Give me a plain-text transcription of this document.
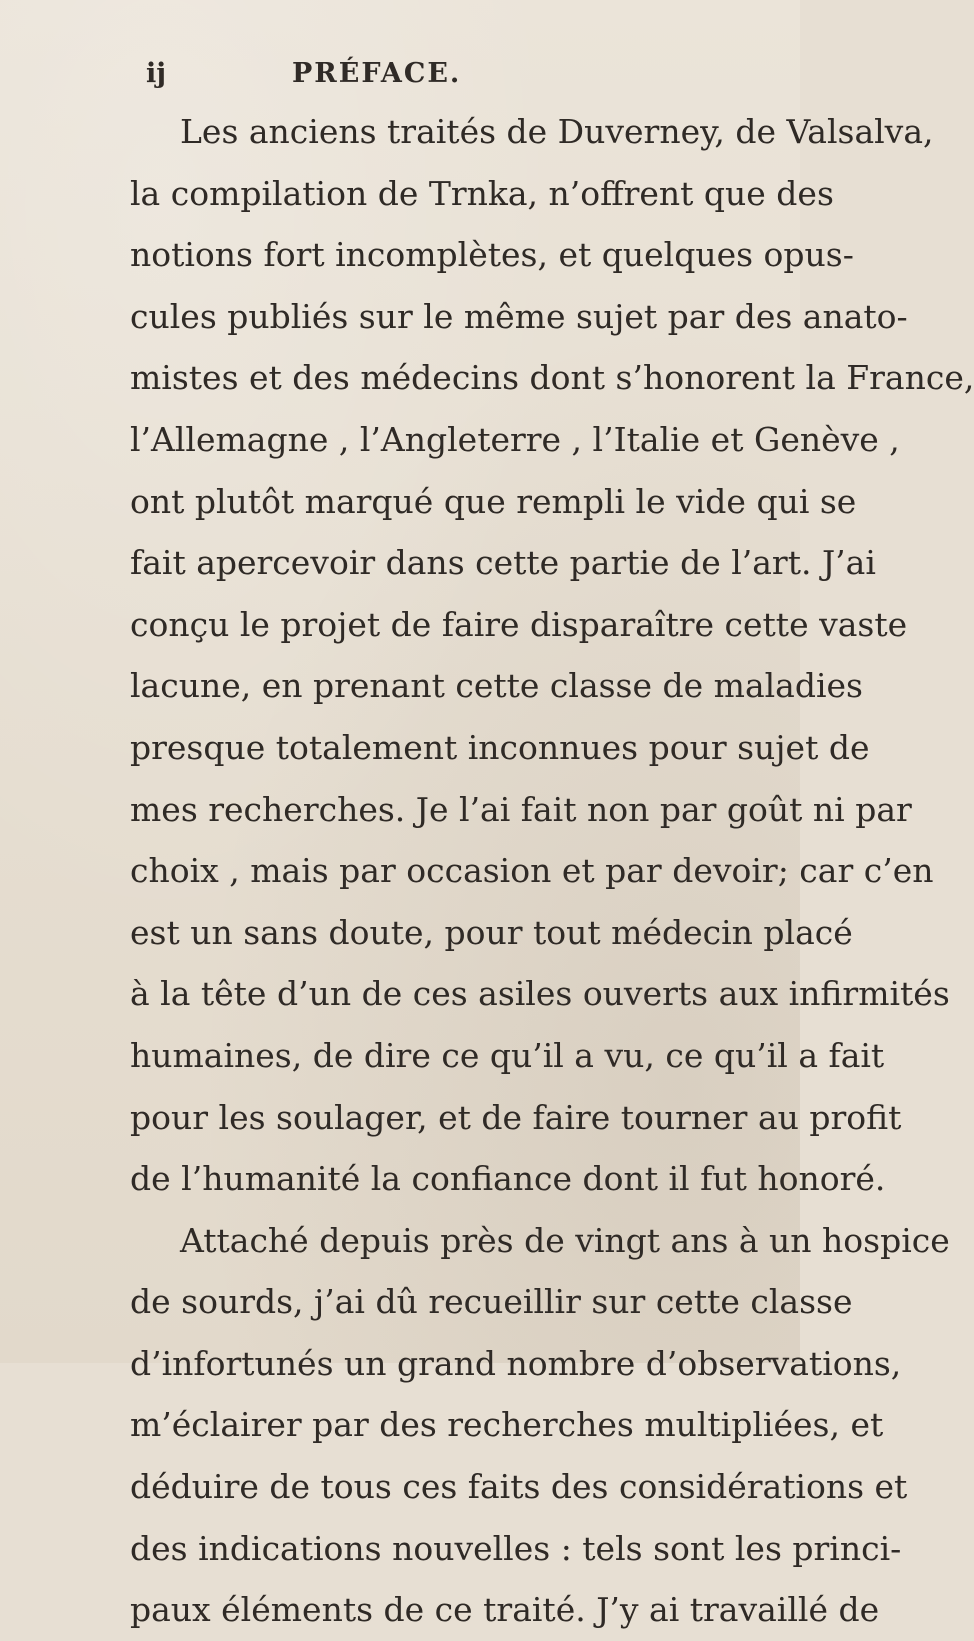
ij	PRÉFACE.
Les anciens traités de Duverney, de Valsalva,
la compilation de Trnka, n’offrent que des
notions fort incomplètes, et quelques opus-
cules publiés sur le même sujet par des anato-
mistes et des médecins dont s’honorent la France,
l’Allemagne , l’Angleterre , l’Italie et Genève ,
ont plutôt marqué que rempli le vide qui se
fait apercevoir dans cette partie de l’art. J’ai
conçu le projet de faire disparaître cette vaste
lacune, en prenant cette classe de maladies
presque totalement inconnues pour sujet de
mes recherches. Je l’ai fait non par goût ni par
choix , mais par occasion et par devoir; car c’en
est un sans doute, pour tout médecin placé
à la tête d’un de ces asiles ouverts aux infirmités
humaines, de dire ce qu’il a vu, ce qu’il a fait
pour les soulager, et de faire tourner au profit
de l’humanité la confiance dont il fut honoré.
Attaché depuis près de vingt ans à un hospice
de sourds, j’ai dû recueillir sur cette classe
d’infortunés un grand nombre d’observations,
m’éclairer par des recherches multipliées, et
déduire de tous ces faits des considérations et
des indications nouvelles : tels sont les princi-
paux éléments de ce traité. J’y ai travaillé de
